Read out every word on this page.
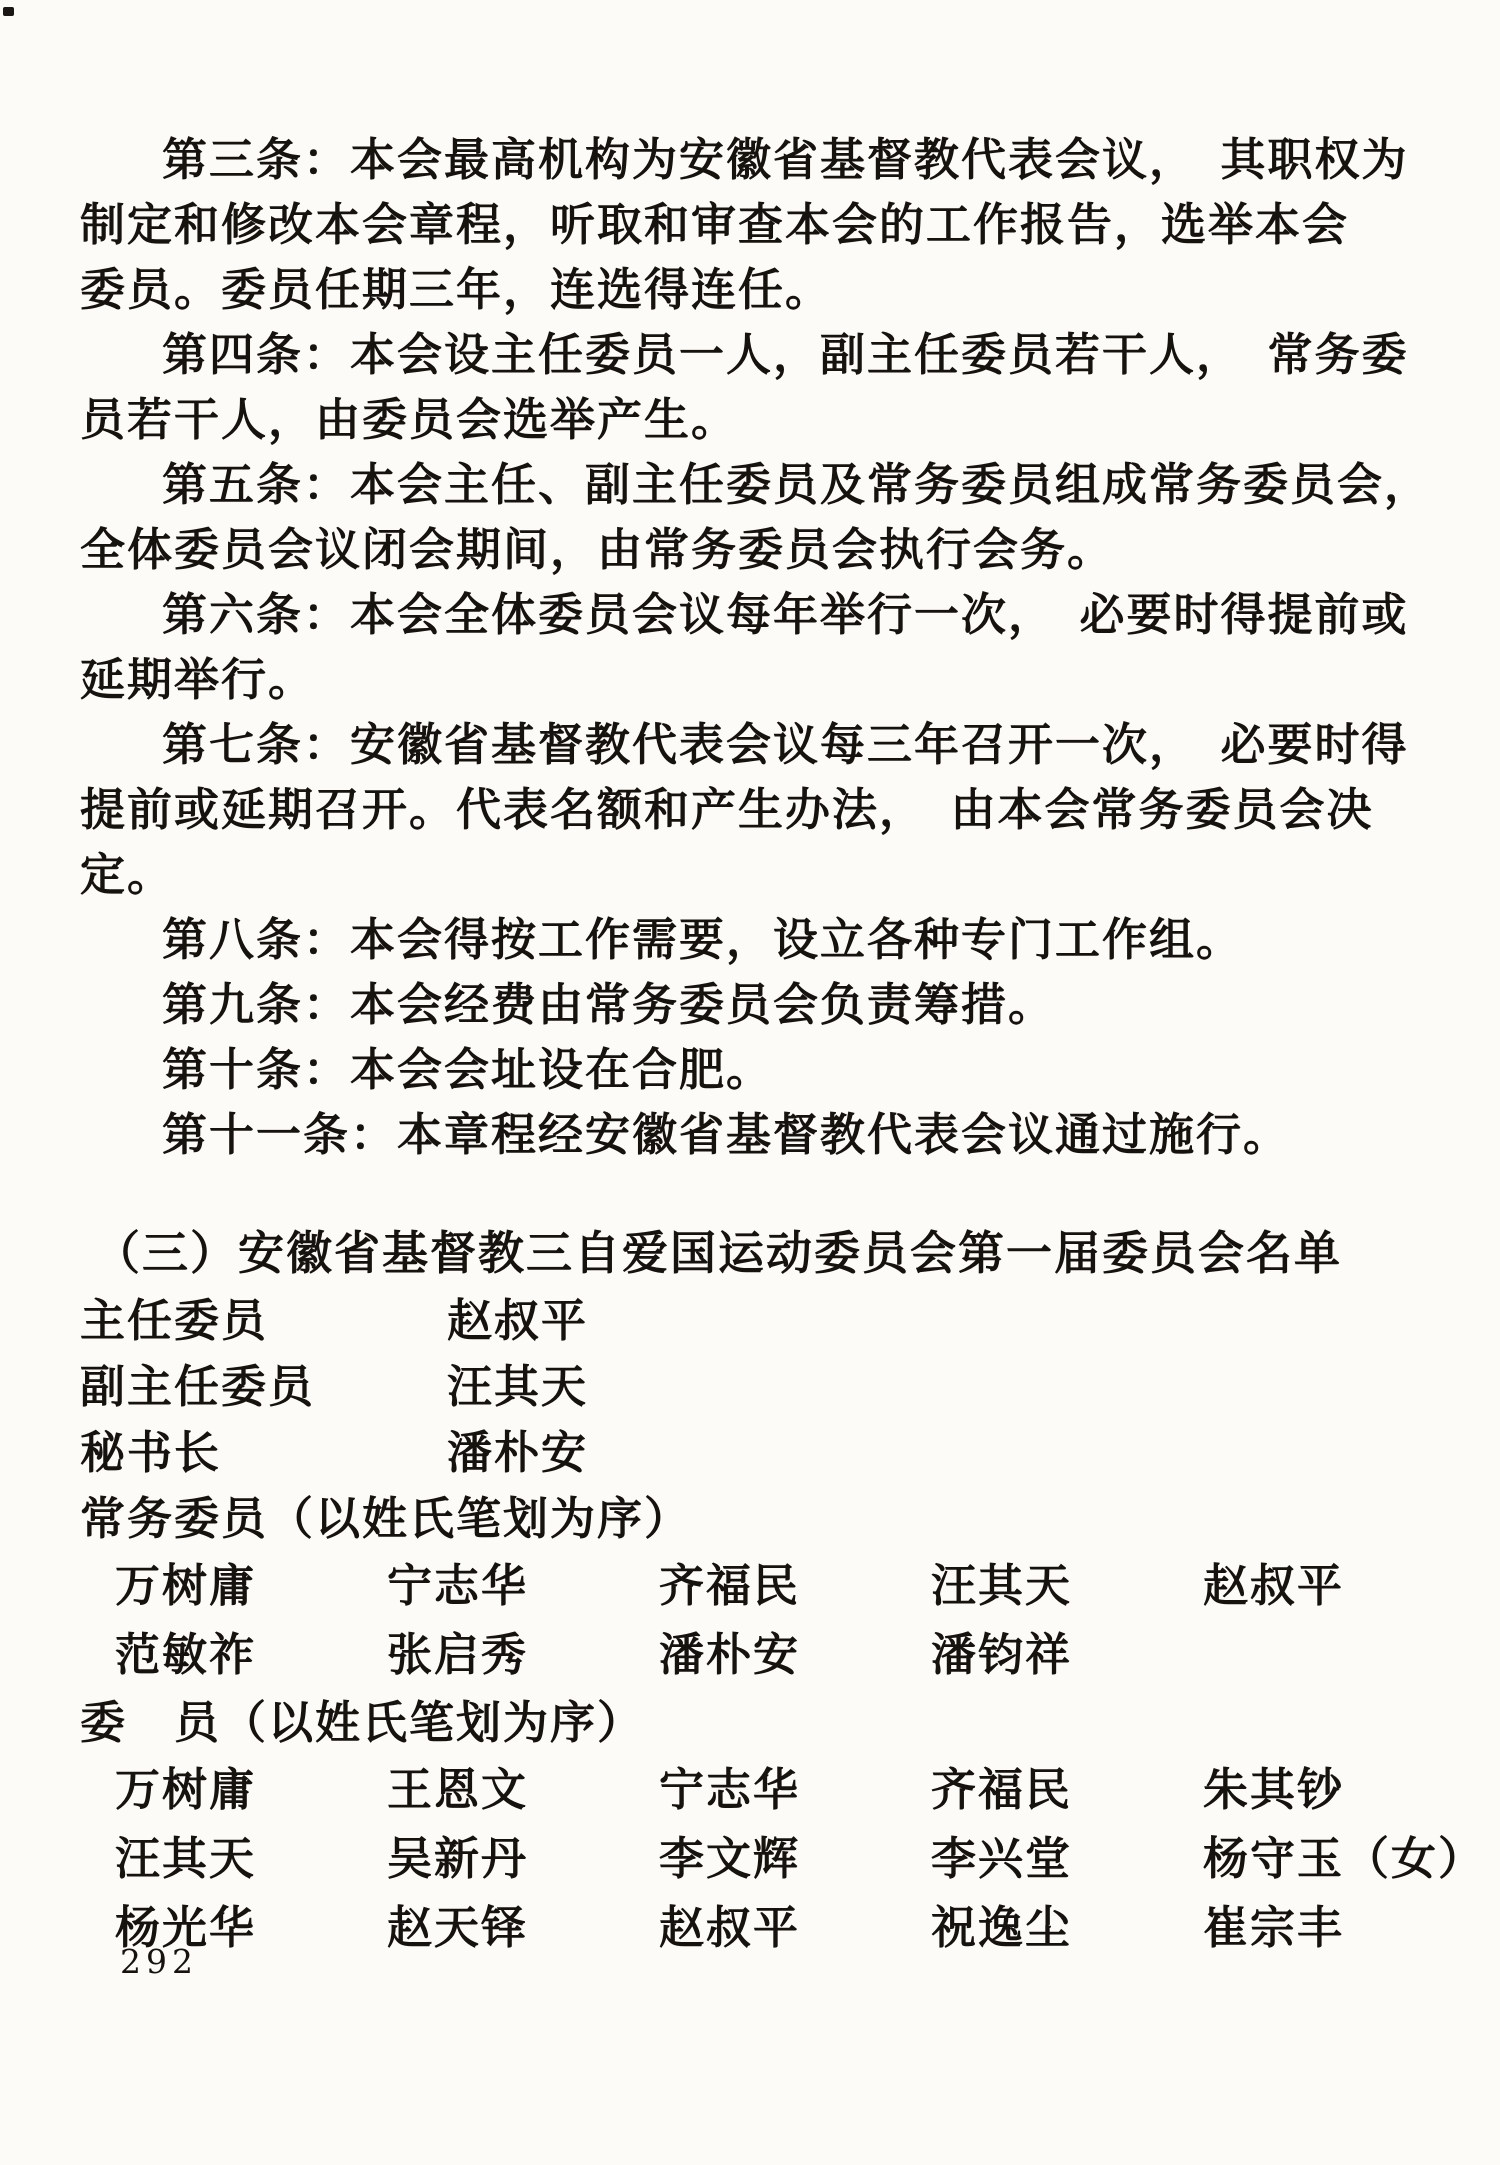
第三条：本会最高机构为安徽省基督教代表会议，　其职权为
制定和修改本会章程，听取和审查本会的工作报告，选举本会
委员。委员任期三年，连选得连任。
第四条：本会设主任委员一人，副主任委员若干人，　常务委
员若干人，由委员会选举产生。
第五条：本会主任、副主任委员及常务委员组成常务委员会，
全体委员会议闭会期间，由常务委员会执行会务。
第六条：本会全体委员会议每年举行一次，　必要时得提前或
延期举行。
第七条：安徽省基督教代表会议每三年召开一次，　必要时得
提前或延期召开。代表名额和产生办法，　由本会常务委员会决
定。
第八条：本会得按工作需要，设立各种专门工作组。
第九条：本会经费由常务委员会负责筹措。
第十条：本会会址设在合肥。
第十一条：本章程经安徽省基督教代表会议通过施行。
（三）安徽省基督教三自爱国运动委员会第一届委员会名单
主任委员	赵叔平
副主任委员	汪其天
秘书长	潘朴安
常务委员（以姓氏笔划为序）
万树庸	宁志华	齐福民	汪其天	赵叔平
范敏祚	张启秀	潘朴安	潘钧祥
委　员（以姓氏笔划为序）
万树庸	王恩文	宁志华	齐福民	朱其钞
汪其天	吴新丹	李文辉	李兴堂	杨守玉（女）
杨光华	赵天铎	赵叔平	祝逸尘	崔宗丰
292
